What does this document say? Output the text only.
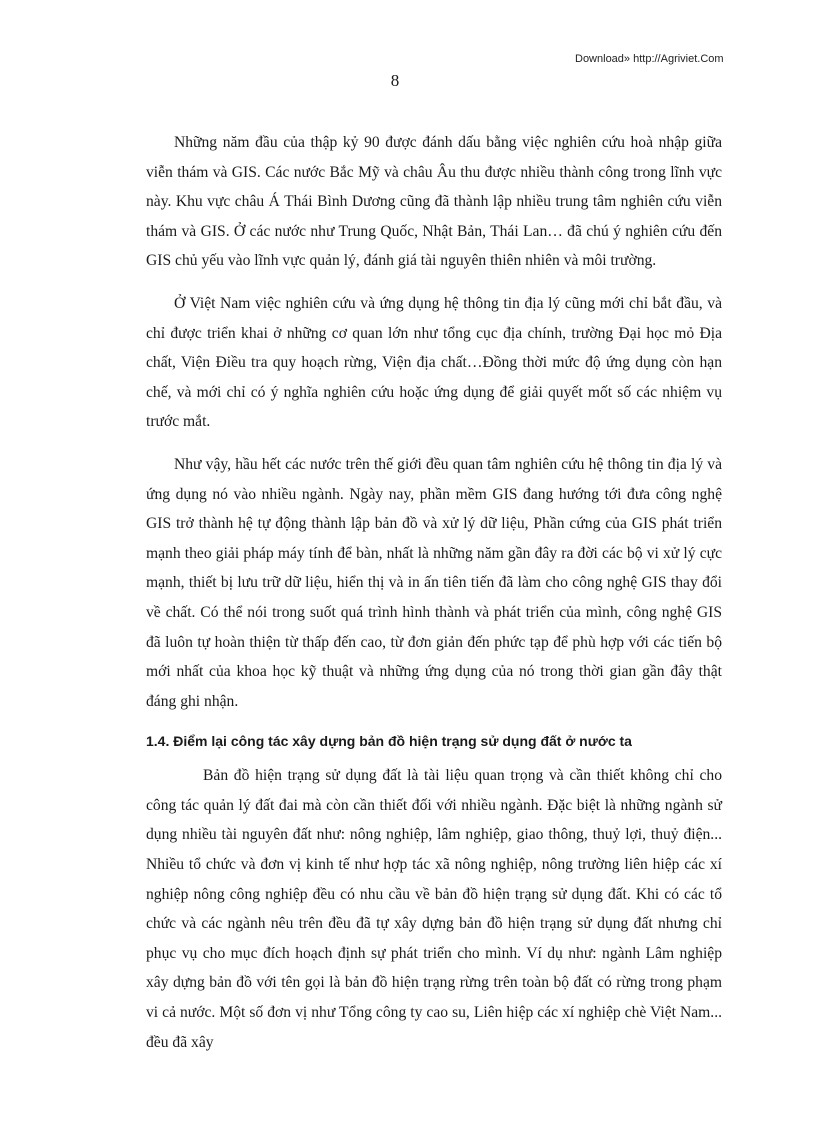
Download» http://Agriviet.Com
8

Những năm đầu của thập kỷ 90 được đánh dấu bằng việc nghiên cứu hoà nhập giữa viễn thám và GIS. Các nước Bắc Mỹ và châu Âu thu được nhiều thành công trong lĩnh vực này. Khu vực châu Á Thái Bình Dương cũng đã thành lập nhiều trung tâm nghiên cứu viễn thám và GIS. Ở các nước như Trung Quốc, Nhật Bản, Thái Lan… đã chú ý nghiên cứu đến GIS chủ yếu vào lĩnh vực quản lý, đánh giá tài nguyên thiên nhiên và môi trường.

Ở Việt Nam việc nghiên cứu và ứng dụng hệ thông tin địa lý cũng mới chỉ bắt đầu, và chỉ được triển khai ở những cơ quan lớn như tổng cục địa chính, trường Đại học mỏ Địa chất, Viện Điều tra quy hoạch rừng, Viện địa chất…Đồng thời mức độ ứng dụng còn hạn chế, và mới chỉ có ý nghĩa nghiên cứu hoặc ứng dụng để giải quyết mốt số các nhiệm vụ trước mắt.

Như vậy, hầu hết các nước trên thế giới đều quan tâm nghiên cứu hệ thông tin địa lý và ứng dụng nó vào nhiều ngành. Ngày nay, phần mềm GIS đang hướng tới đưa công nghệ GIS trở thành hệ tự động thành lập bản đồ và xử lý dữ liệu, Phần cứng của GIS phát triển mạnh theo giải pháp máy tính để bàn, nhất là những năm gần đây ra đời các bộ vi xử lý cực mạnh, thiết bị lưu trữ dữ liệu, hiển thị và in ấn tiên tiến đã làm cho công nghệ GIS thay đổi về chất. Có thể nói trong suốt quá trình hình thành và phát triển của mình, công nghệ GIS đã luôn tự hoàn thiện từ thấp đến cao, từ đơn giản đến phức tạp để phù hợp với các tiến bộ mới nhất của khoa học kỹ thuật và những ứng dụng của nó trong thời gian gần đây thật đáng ghi nhận.

1.4. Điểm lại công tác xây dựng bản đồ hiện trạng sử dụng đất ở nước ta

Bản đồ hiện trạng sử dụng đất là tài liệu quan trọng và cần thiết không chỉ cho công tác quản lý đất đai mà còn cần thiết đối với nhiều ngành. Đặc biệt là những ngành sử dụng nhiều tài nguyên đất như: nông nghiệp, lâm nghiệp, giao thông, thuỷ lợi, thuỷ điện... Nhiều tổ chức và đơn vị kinh tế như hợp tác xã nông nghiệp, nông trường liên hiệp các xí nghiệp nông công nghiệp đều có nhu cầu về bản đồ hiện trạng sử dụng đất. Khi có các tổ chức và các ngành nêu trên đều đã tự xây dựng bản đồ hiện trạng sử dụng đất nhưng chỉ phục vụ cho mục đích hoạch định sự phát triển cho mình. Ví dụ như: ngành Lâm nghiệp xây dựng bản đồ với tên gọi là bản đồ hiện trạng rừng trên toàn bộ đất có rừng trong phạm vi cả nước. Một số đơn vị như Tổng công ty cao su, Liên hiệp các xí nghiệp chè Việt Nam... đều đã xây
